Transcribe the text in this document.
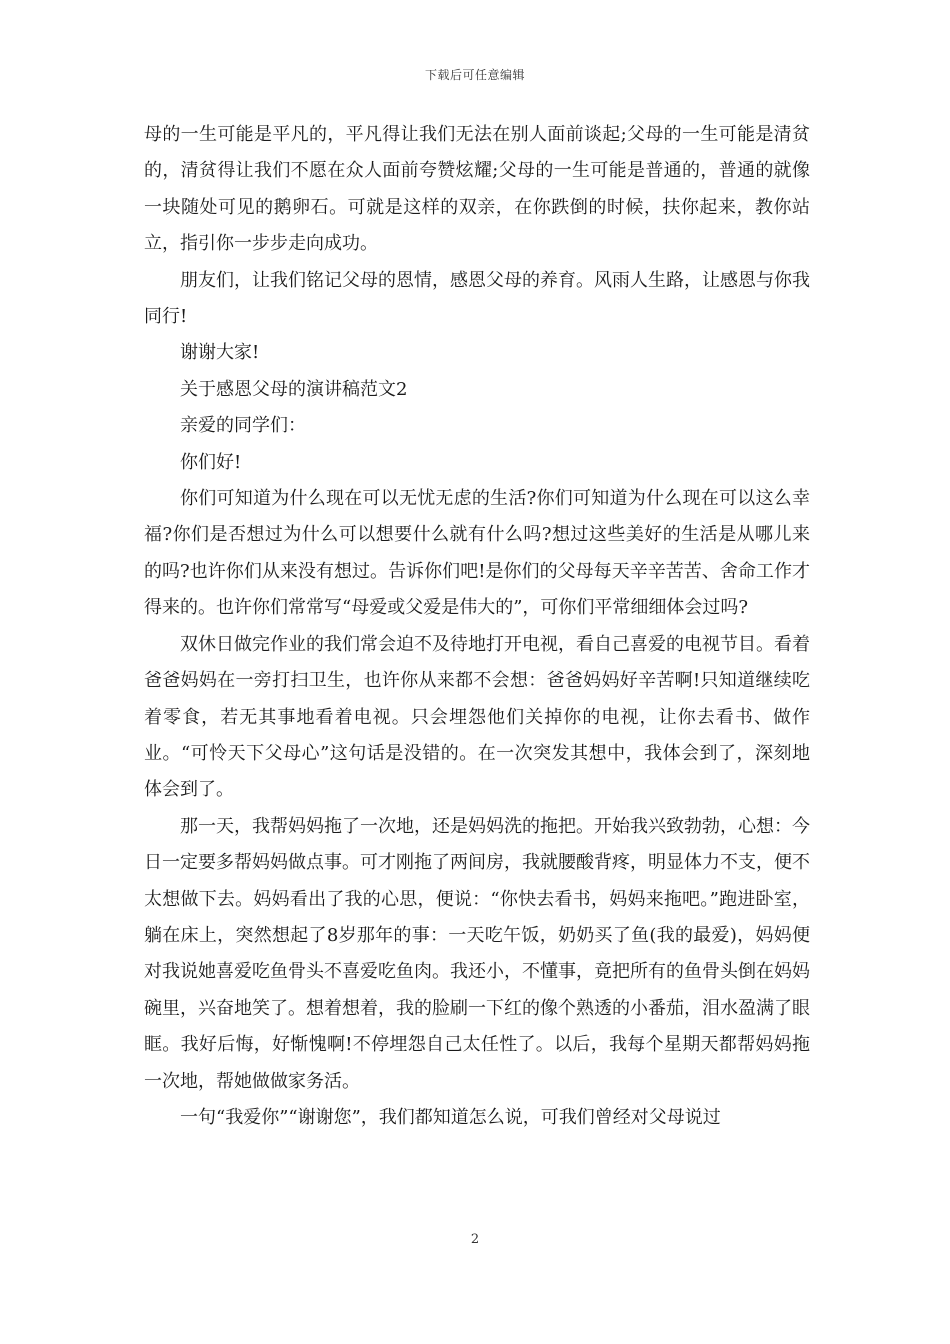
下载后可任意编辑

母的一生可能是平凡的，平凡得让我们无法在别人面前谈起;父母的一生可能是清贫的，清贫得让我们不愿在众人面前夸赞炫耀;父母的一生可能是普通的，普通的就像一块随处可见的鹅卵石。可就是这样的双亲，在你跌倒的时候，扶你起来，教你站立，指引你一步步走向成功。

朋友们，让我们铭记父母的恩情，感恩父母的养育。风雨人生路，让感恩与你我同行!

谢谢大家!

关于感恩父母的演讲稿范文2

亲爱的同学们：

你们好!

你们可知道为什么现在可以无忧无虑的生活?你们可知道为什么现在可以这么幸福?你们是否想过为什么可以想要什么就有什么吗?想过这些美好的生活是从哪儿来的吗?也许你们从来没有想过。告诉你们吧!是你们的父母每天辛辛苦苦、舍命工作才得来的。也许你们常常写“母爱或父爱是伟大的”，可你们平常细细体会过吗?

双休日做完作业的我们常会迫不及待地打开电视，看自己喜爱的电视节目。看着爸爸妈妈在一旁打扫卫生，也许你从来都不会想：爸爸妈妈好辛苦啊!只知道继续吃着零食，若无其事地看着电视。只会埋怨他们关掉你的电视，让你去看书、做作业。“可怜天下父母心”这句话是没错的。在一次突发其想中，我体会到了，深刻地体会到了。

那一天，我帮妈妈拖了一次地，还是妈妈洗的拖把。开始我兴致勃勃，心想：今日一定要多帮妈妈做点事。可才刚拖了两间房，我就腰酸背疼，明显体力不支，便不太想做下去。妈妈看出了我的心思，便说：“你快去看书，妈妈来拖吧。”跑进卧室，躺在床上，突然想起了8岁那年的事：一天吃午饭，奶奶买了鱼(我的最爱)，妈妈便对我说她喜爱吃鱼骨头不喜爱吃鱼肉。我还小，不懂事，竟把所有的鱼骨头倒在妈妈碗里，兴奋地笑了。想着想着，我的脸刷一下红的像个熟透的小番茄，泪水盈满了眼眶。我好后悔，好惭愧啊!不停埋怨自己太任性了。以后，我每个星期天都帮妈妈拖一次地，帮她做做家务活。

一句“我爱你”“谢谢您”，我们都知道怎么说，可我们曾经对父母说过

2
